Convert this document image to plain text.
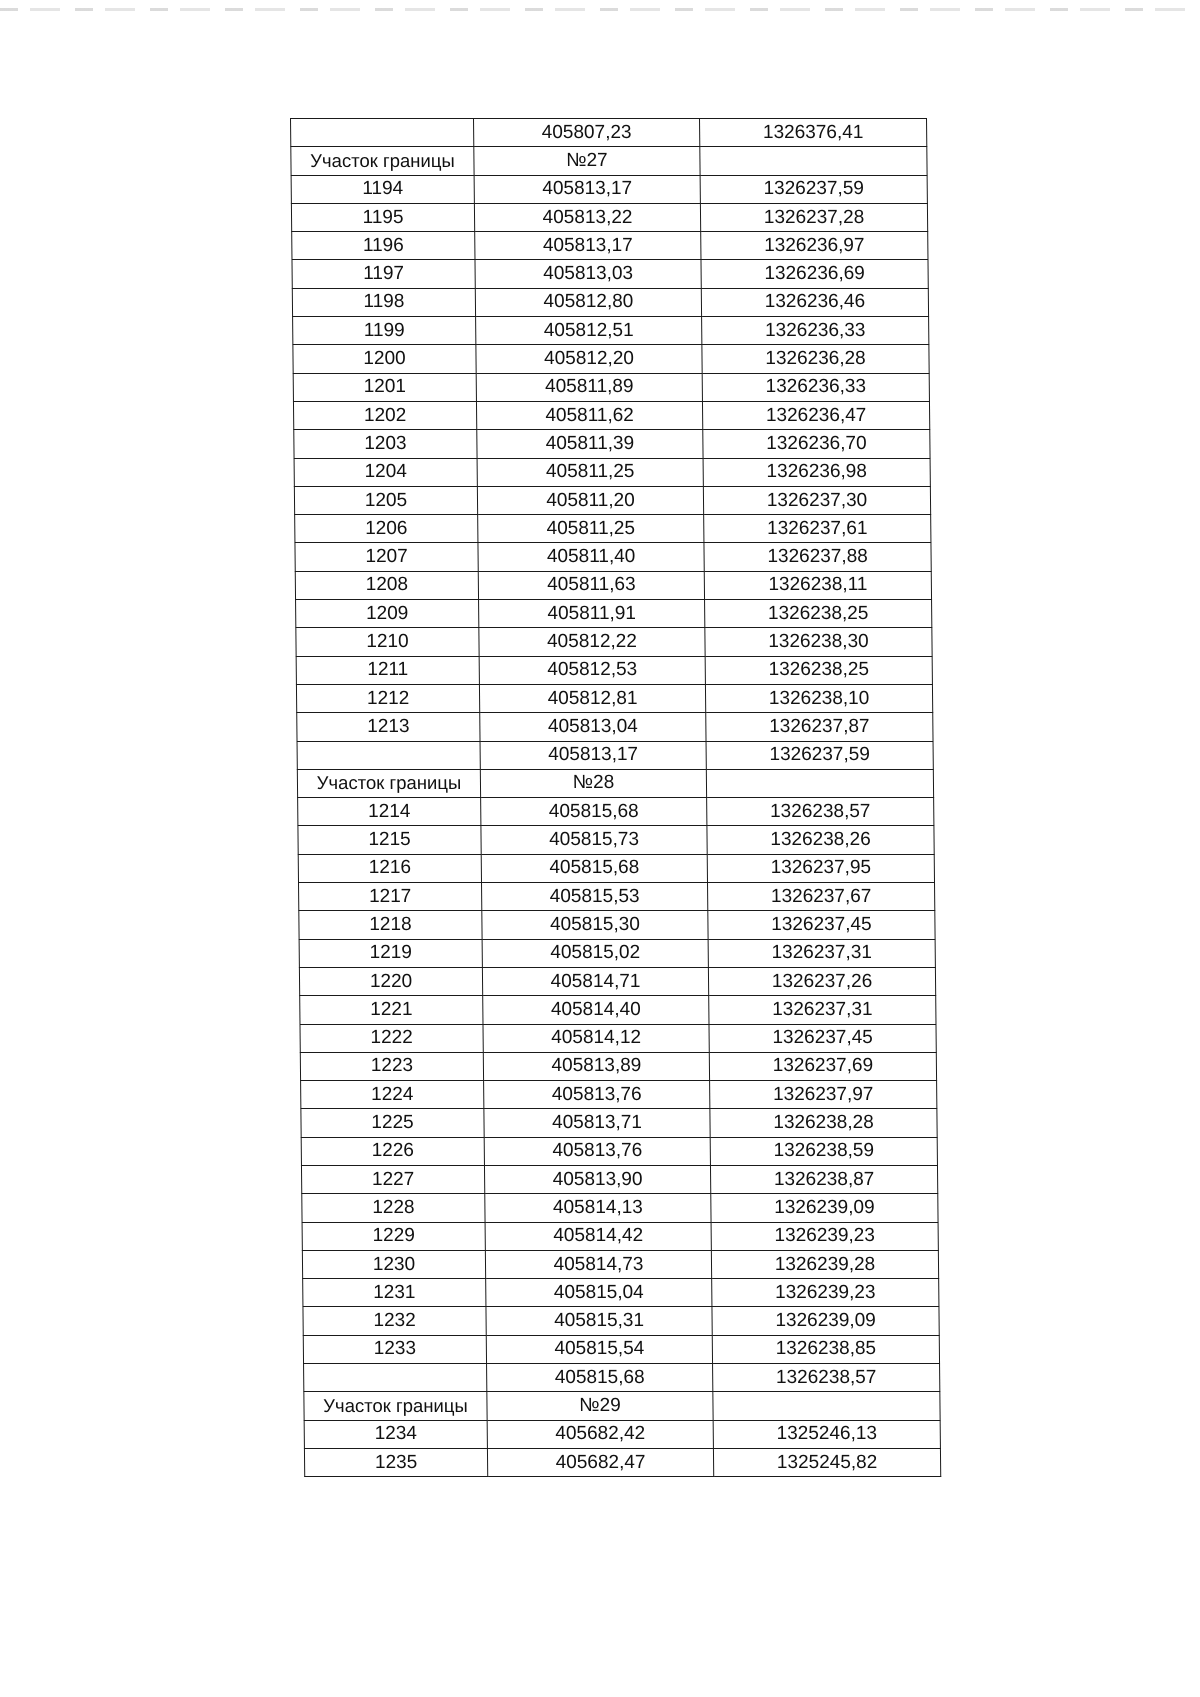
	405807,23	1326376,41
Участок границы	№27	
1194	405813,17	1326237,59
1195	405813,22	1326237,28
1196	405813,17	1326236,97
1197	405813,03	1326236,69
1198	405812,80	1326236,46
1199	405812,51	1326236,33
1200	405812,20	1326236,28
1201	405811,89	1326236,33
1202	405811,62	1326236,47
1203	405811,39	1326236,70
1204	405811,25	1326236,98
1205	405811,20	1326237,30
1206	405811,25	1326237,61
1207	405811,40	1326237,88
1208	405811,63	1326238,11
1209	405811,91	1326238,25
1210	405812,22	1326238,30
1211	405812,53	1326238,25
1212	405812,81	1326238,10
1213	405813,04	1326237,87
	405813,17	1326237,59
Участок границы	№28	
1214	405815,68	1326238,57
1215	405815,73	1326238,26
1216	405815,68	1326237,95
1217	405815,53	1326237,67
1218	405815,30	1326237,45
1219	405815,02	1326237,31
1220	405814,71	1326237,26
1221	405814,40	1326237,31
1222	405814,12	1326237,45
1223	405813,89	1326237,69
1224	405813,76	1326237,97
1225	405813,71	1326238,28
1226	405813,76	1326238,59
1227	405813,90	1326238,87
1228	405814,13	1326239,09
1229	405814,42	1326239,23
1230	405814,73	1326239,28
1231	405815,04	1326239,23
1232	405815,31	1326239,09
1233	405815,54	1326238,85
	405815,68	1326238,57
Участок границы	№29	
1234	405682,42	1325246,13
1235	405682,47	1325245,82
